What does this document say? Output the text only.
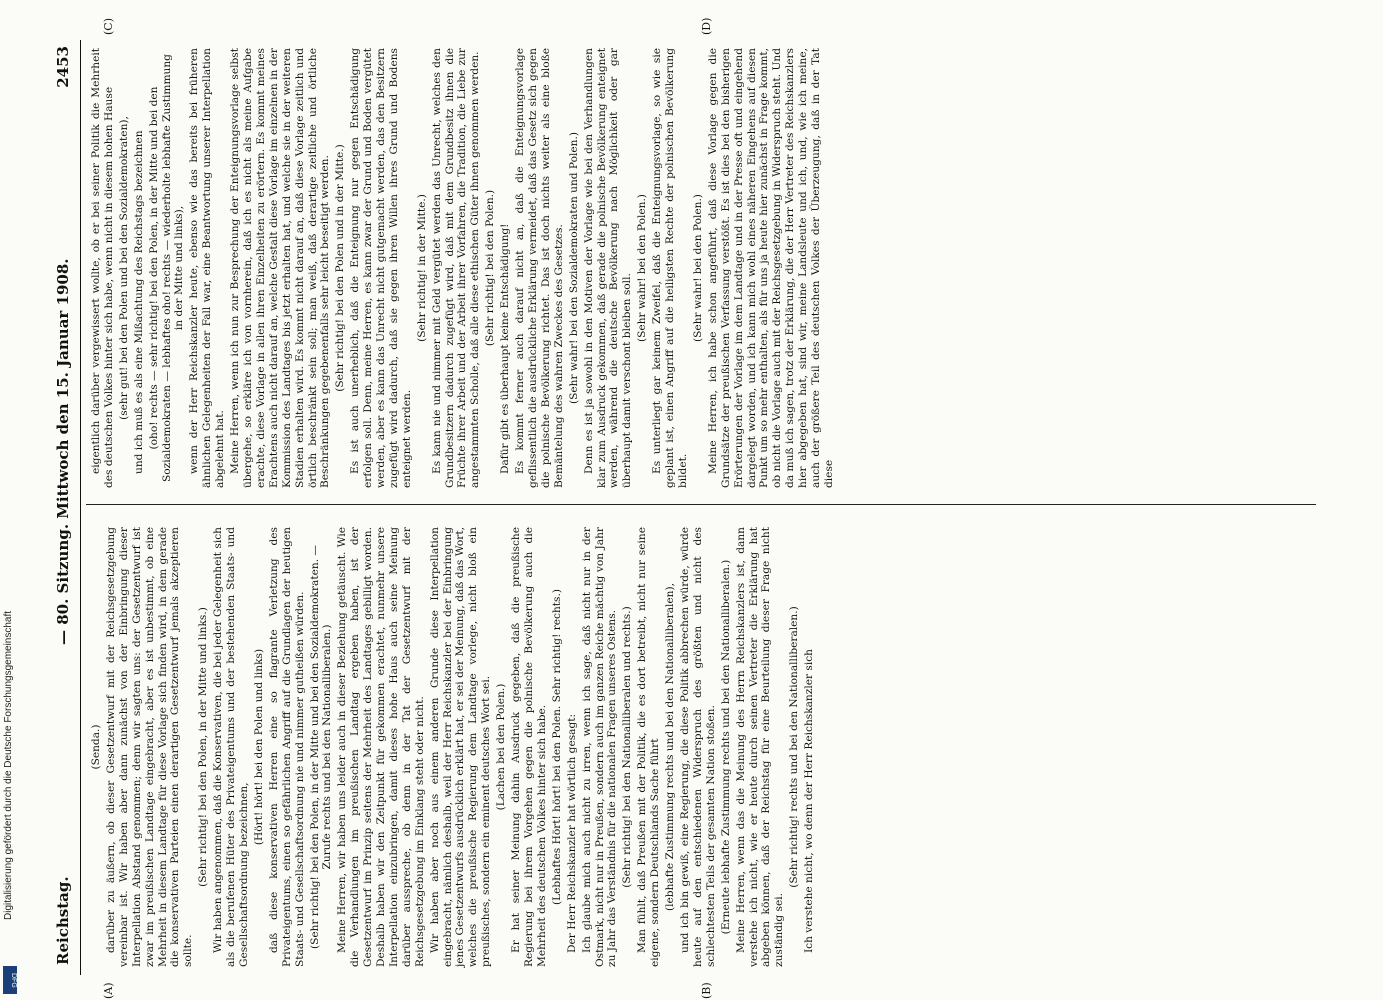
Digitalisierung gefördert durch die Deutsche Forschungsgemeinschaft
DFG
Reichstag.
— 80. Sitzung. Mittwoch den 15. Januar 1908.
2453
(A)	(B)
(C)	(D)

(Senda.) darüber zu äußern, ob dieser Gesetzentwurf mit der Reichsgesetzgebung vereinbar ist. Wir haben aber dann zunächst von der Einbringung dieser Interpellation Abstand genommen; denn wir sagten uns: der Gesetzentwurf ist zwar im preußischen Landtage eingebracht, aber es ist unbestimmt, ob eine Mehrheit in diesem Landtage für diese Vorlage sich finden wird, in dem gerade die konservativen Parteien einen derartigen Gesetzentwurf jemals akzeptieren sollte.

(Sehr richtig! bei den Polen, in der Mitte und links.) Wir haben angenommen, daß die Konservativen, die bei jeder Gelegenheit sich als die berufenen Hüter des Privateigentums und der bestehenden Staats- und Gesellschaftsordnung bezeichnen,

(Hört! hört! bei den Polen und links) daß diese konservativen Herren eine so flagrante Verletzung des Privateigentums, einen so gefährlichen Angriff auf die Grundlagen der heutigen Staats- und Gesellschaftsordnung nie und nimmer gutheißen würden. (Sehr richtig! bei den Polen, in der Mitte und bei den Sozialdemokraten. — Zurufe rechts und bei den Nationalliberalen.) Meine Herren, wir haben uns leider auch in dieser Beziehung getäuscht. Wie die Verhandlungen im preußischen Landtag ergeben haben, ist der Gesetzentwurf im Prinzip seitens der Mehrheit des Landtages gebilligt worden. Deshalb haben wir den Zeitpunkt für gekommen erachtet, nunmehr unsere Interpellation einzubringen, damit dieses hohe Haus auch seine Meinung darüber ausspreche, ob denn in der Tat der Gesetzentwurf mit der Reichsgesetzgebung im Einklang steht oder nicht. Wir haben aber noch aus einem anderen Grunde diese Interpellation eingebracht, nämlich deshalb, weil der Herr Reichskanzler bei der Einbringung jenes Gesetzentwurfs ausdrücklich erklärt hat, er sei der Meinung, daß das Wort, welches die preußische Regierung dem Landtage vorlege, nicht bloß ein preußisches, sondern ein eminent deutsches Wort sei. (Lachen bei den Polen.) Er hat seiner Meinung dahin Ausdruck gegeben, daß die preußische Regierung bei ihrem Vorgehen gegen die polnische Bevölkerung auch die Mehrheit des deutschen Volkes hinter sich habe. (Lebhaftes Hört! hört! bei den Polen. Sehr richtig! rechts.) Der Herr Reichskanzler hat wörtlich gesagt: Ich glaube mich auch nicht zu irren, wenn ich sage, daß nicht nur in der Ostmark, nicht nur in Preußen, sondern auch im ganzen Reiche mächtig von Jahr zu Jahr das Verständnis für die nationalen Fragen unseres Ostens. (Sehr richtig! bei den Nationalliberalen und rechts.) Man fühlt, daß Preußen mit der Politik, die es dort betreibt, nicht nur seine eigene, sondern Deutschlands Sache führt (lebhafte Zustimmung rechts und bei den Nationalliberalen), und ich bin gewiß, eine Regierung, die diese Politik abbrechen würde, würde heute auf den entschiedenen Widerspruch des größten und nicht des schlechtesten Teils der gesamten Nation stoßen. (Erneute lebhafte Zustimmung rechts und bei den Nationalliberalen.) Meine Herren, wenn das die Meinung des Herrn Reichskanzlers ist, dann verstehe ich nicht, wie er heute durch seinen Vertreter die Erklärung hat abgeben können, daß der Reichstag für eine Beurteilung dieser Frage nicht zuständig sei.

(Sehr richtig! rechts und bei den Nationalliberalen.) Ich verstehe nicht, wo denn der Herr Reichskanzler sich

eigentlich darüber vergewissert wollte, ob er bei seiner Politik die Mehrheit des deutschen Volkes hinter sich habe, wenn nicht in diesem hohen Hause (sehr gut! bei den Polen und bei den Sozialdemokraten), und ich muß es als eine Mißachtung des Reichstags bezeichnen (oho! rechts — sehr richtig! bei den Polen, in der Mitte und bei den Sozialdemokraten — lebhaftes oho! rechts — wiederholte lebhafte Zustimmung in der Mitte und links), wenn der Herr Reichskanzler heute, ebenso wie das bereits bei früheren ähnlichen Gelegenheiten der Fall war, eine Beantwortung unserer Interpellation abgelehnt hat. Meine Herren, wenn ich nun zur Besprechung der Enteignungsvorlage selbst übergehe, so erkläre ich von vornherein, daß ich es nicht als meine Aufgabe erachte, diese Vorlage in allen ihren Einzelheiten zu erörtern. Es kommt meines Erachtens auch nicht darauf an, welche Gestalt diese Vorlage im einzelnen in der Kommission des Landtages bis jetzt erhalten hat, und welche sie in der weiteren Stadien erhalten wird. Es kommt nicht darauf an, daß diese Vorlage zeitlich und örtlich beschränkt sein soll; man weiß, daß derartige zeitliche und örtliche Beschränkungen gegebenenfalls sehr leicht beseitigt werden. (Sehr richtig! bei den Polen und in der Mitte.) Es ist auch unerheblich, daß die Enteignung nur gegen Entschädigung erfolgen soll. Denn, meine Herren, es kann zwar der Grund und Boden vergütet werden, aber es kann das Unrecht nicht gutgemacht werden, das den Besitzern zugefügt wird dadurch, daß sie gegen ihren Willen ihres Grund und Bodens enteignet werden.

(Sehr richtig! in der Mitte.) Es kann nie und nimmer mit Geld vergütet werden das Unrecht, welches den Grundbesitzern dadurch zugefügt wird, daß mit dem Grundbesitz ihnen die Früchte ihrer Arbeit und der Arbeit ihrer Vorfahren, die Tradition, die Liebe zur angestammten Scholle, daß alle diese ethischen Güter ihnen genommen werden. (Sehr richtig! bei den Polen.) Dafür gibt es überhaupt keine Entschädigung! Es kommt ferner auch darauf nicht an, daß die Enteignungsvorlage geflissentlich die ausdrückliche Erklärung vermeidet, daß das Gesetz sich gegen die polnische Bevölkerung richtet. Das ist doch nichts weiter als eine bloße Bemäntelung des wahren Zweckes des Gesetzes. (Sehr wahr! bei den Sozialdemokraten und Polen.) Denn es ist ja sowohl in den Motiven der Vorlage wie bei den Verhandlungen klar zum Ausdruck gekommen, daß gerade die polnische Bevölkerung enteignet werden, während die deutsche Bevölkerung nach Möglichkeit oder gar überhaupt damit verschont bleiben soll.

(Sehr wahr! bei den Polen.) Es unterliegt gar keinem Zweifel, daß die Enteignungsvorlage, so wie sie geplant ist, einen Angriff auf die heiligsten Rechte der polnischen Bevölkerung bildet.

(Sehr wahr! bei den Polen.) Meine Herren, ich habe schon angeführt, daß diese Vorlage gegen die Grundsätze der preußischen Verfassung verstößt. Es ist dies bei den bisherigen Erörterungen der Vorlage im dem Landtage und in der Presse oft und eingehend dargelegt worden, und ich kann mich wohl eines näheren Eingehens auf diesen Punkt um so mehr enthalten, als für uns ja heute hier zunächst in Frage kommt, ob nicht die Vorlage auch mit der Reichsgesetzgebung in Widerspruch steht. Und da muß ich sagen, trotz der Erklärung, die der Herr Vertreter des Reichskanzlers hier abgegeben hat, sind wir, meine Landsleute und ich, und, wie ich meine, auch der größere Teil des deutschen Volkes der Überzeugung, daß in der Tat diese
